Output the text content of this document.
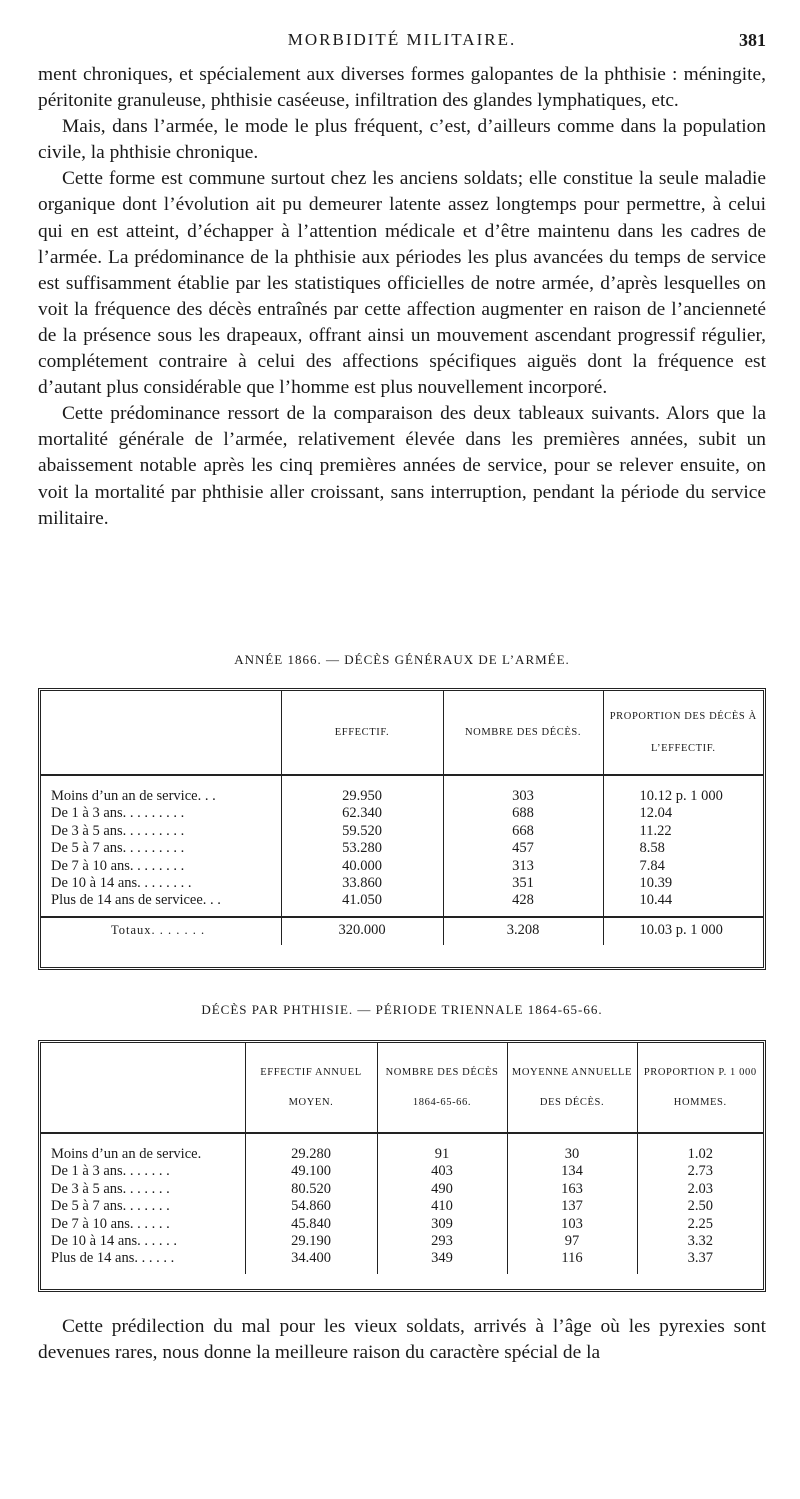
MORBIDITÉ MILITAIRE.	381

ment chroniques, et spécialement aux diverses formes galopantes de la phthisie : méningite, péritonite granuleuse, phthisie caséeuse, infiltration des glandes lymphatiques, etc.

Mais, dans l’armée, le mode le plus fréquent, c’est, d’ailleurs comme dans la population civile, la phthisie chronique.

Cette forme est commune surtout chez les anciens soldats; elle constitue la seule maladie organique dont l’évolution ait pu demeurer latente assez longtemps pour permettre, à celui qui en est atteint, d’échapper à l’attention médicale et d’être maintenu dans les cadres de l’armée. La prédominance de la phthisie aux périodes les plus avancées du temps de service est suffisamment établie par les statistiques officielles de notre armée, d’après lesquelles on voit la fréquence des décès entraînés par cette affection augmenter en raison de l’ancienneté de la présence sous les drapeaux, offrant ainsi un mouvement ascendant progressif régulier, complétement contraire à celui des affections spécifiques aiguës dont la fréquence est d’autant plus considérable que l’homme est plus nouvellement incorporé.

Cette prédominance ressort de la comparaison des deux tableaux suivants. Alors que la mortalité générale de l’armée, relativement élevée dans les premières années, subit un abaissement notable après les cinq premières années de service, pour se relever ensuite, on voit la mortalité par phthisie aller croissant, sans interruption, pendant la période du service militaire.

ANNÉE 1866. — DÉCÈS GÉNÉRAUX DE L’ARMÉE.
	EFFECTIF.	NOMBRE DES DÉCÈS.	PROPORTION DES DÉCÈS À L’EFFECTIF.

Moins d’un an de service. . .	29.950	303	10.12 p. 1 000
De 1 à 3 ans. . . . . . . . .	62.340	688	12.04
De 3 à 5 ans. . . . . . . . .	59.520	668	11.22
De 5 à 7 ans. . . . . . . . .	53.280	457	8.58
De 7 à 10 ans. . . . . . . .	40.000	313	7.84
De 10 à 14 ans. . . . . . . .	33.860	351	10.39
Plus de 14 ans de servicee. . .	41.050	428	10.44
Totaux. . . . . . .	320.000	3.208	10.03 p. 1 000
DÉCÈS PAR PHTHISIE. — PÉRIODE TRIENNALE 1864-65-66.
	EFFECTIF ANNUEL MOYEN.	NOMBRE DES DÉCÈS 1864-65-66.	MOYENNE ANNUELLE DES DÉCÈS.	PROPORTION P. 1 000 HOMMES.

Moins d’un an de service.	29.280	91	30	1.02
De 1 à 3 ans. . . . . . .	49.100	403	134	2.73
De 3 à 5 ans. . . . . . .	80.520	490	163	2.03
De 5 à 7 ans. . . . . . .	54.860	410	137	2.50
De 7 à 10 ans. . . . . .	45.840	309	103	2.25
De 10 à 14 ans. . . . . .	29.190	293	97	3.32
Plus de 14 ans. . . . . .	34.400	349	116	3.37

Cette prédilection du mal pour les vieux soldats, arrivés à l’âge où les pyrexies sont devenues rares, nous donne la meilleure raison du caractère spécial de la
